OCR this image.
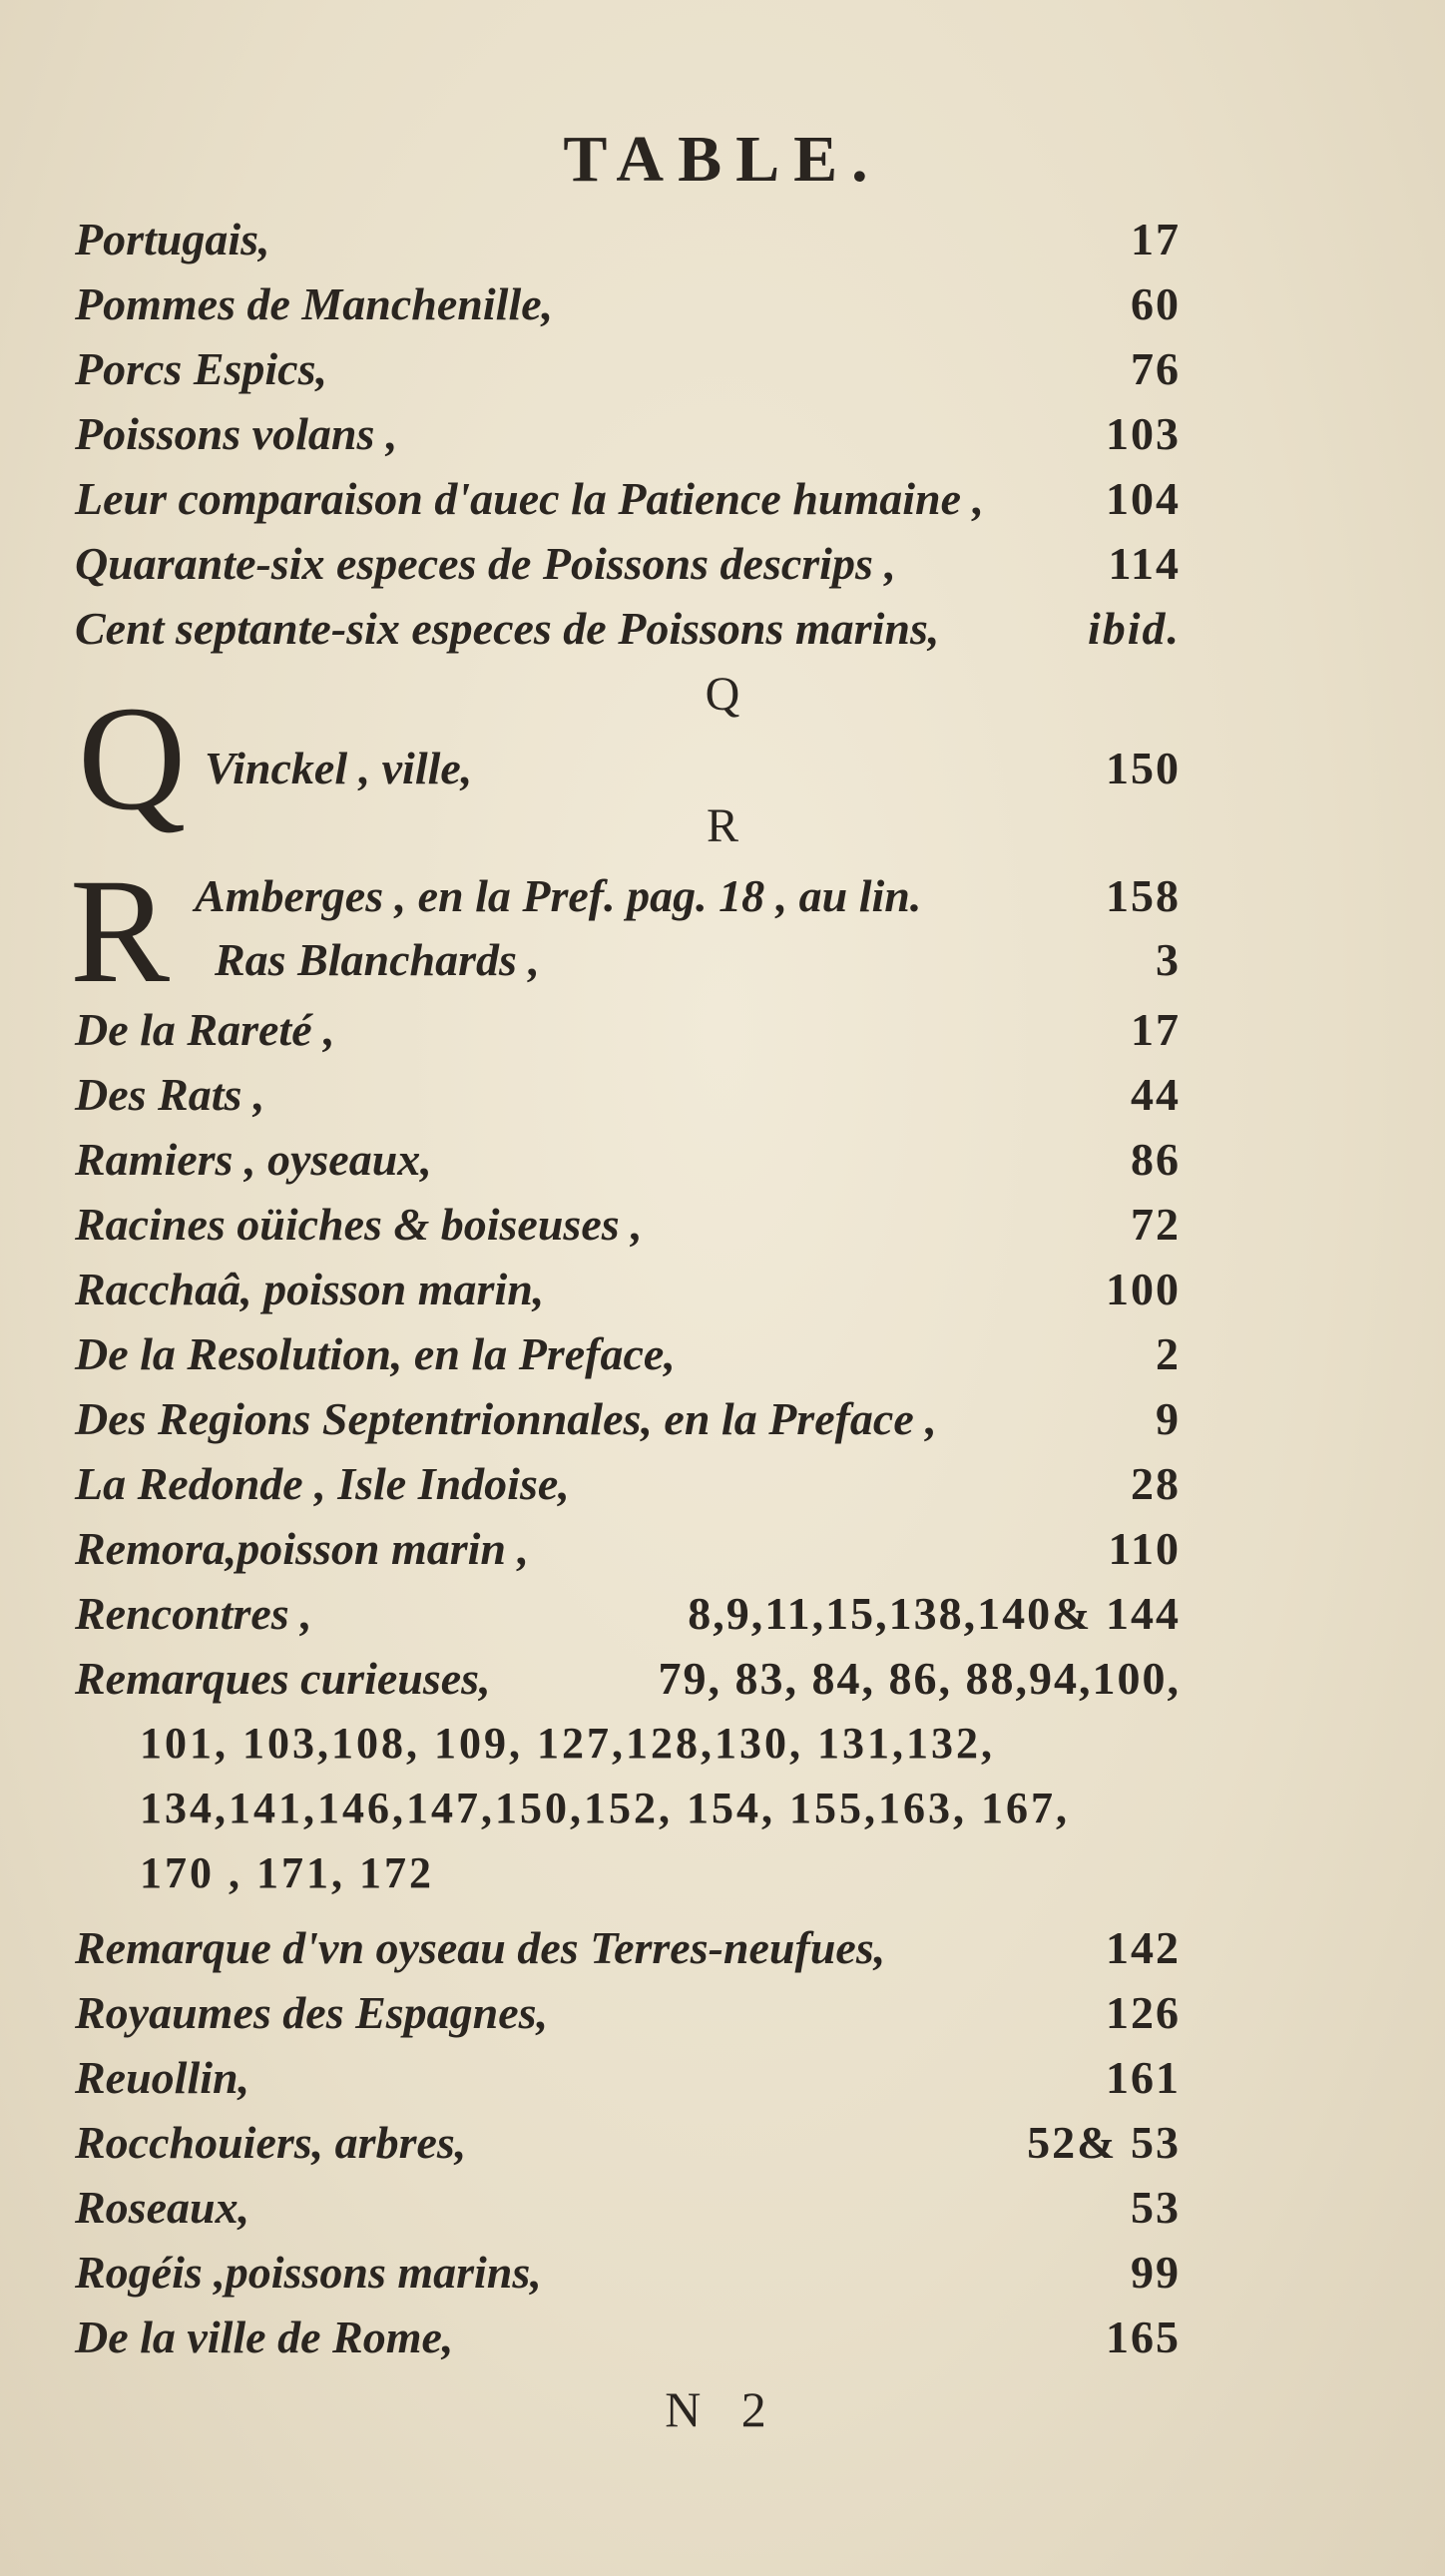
TABLE.
Portugais,	17
Pommes de Manchenille,	60
Porcs Espics,	76
Poissons volans ,	103
Leur comparaison d'auec la Patience humaine ,	104
Quarante-six especes de Poissons descrips ,	114
Cent septante-six especes de Poissons marins,	ibid.
Q
Q Vinckel , ville,	150
R
R Amberges , en la Pref. pag. 18 , au lin.	158
Ras Blanchards ,	3
De la Rareté ,	17
Des Rats ,	44
Ramiers , oyseaux,	86
Racines oüiches & boiseuses ,	72
Racchaâ, poisson marin,	100
De la Resolution, en la Preface,	2
Des Regions Septentrionnales, en la Preface ,	9
La Redonde , Isle Indoise,	28
Remora,poisson marin ,	110
Rencontres ,	8,9,11,15,138,140& 144
Remarques curieuses,	79, 83, 84, 86, 88,94,100,
101, 103,108, 109, 127,128,130, 131,132,
134,141,146,147,150,152, 154, 155,163, 167,
170 , 171, 172
Remarque d'vn oyseau des Terres-neufues,	142
Royaumes des Espagnes,	126
Reuollin,	161
Rocchouiers, arbres,	52& 53
Roseaux,	53
Rogéis ,poissons marins,	99
De la ville de Rome,	165
N 2
